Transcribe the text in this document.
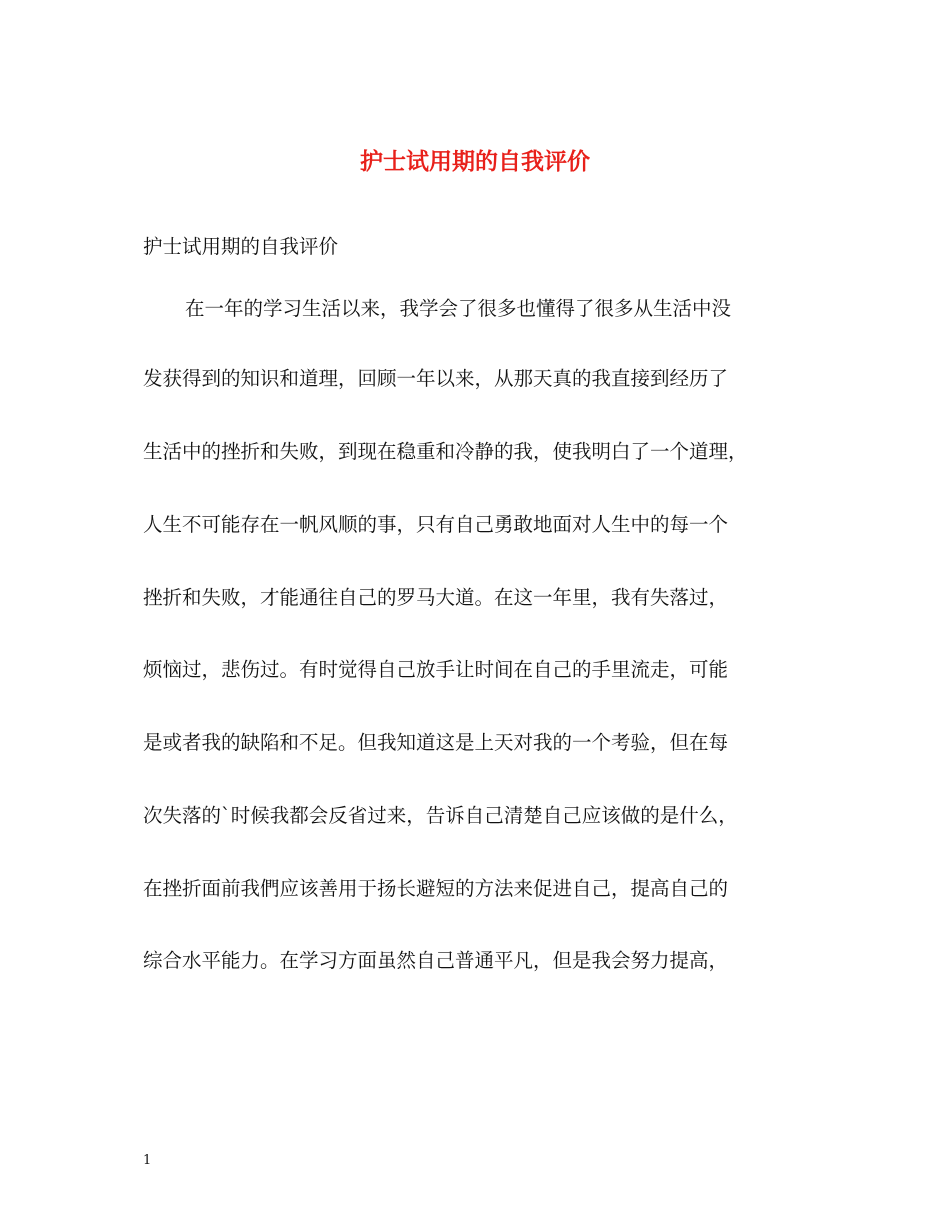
护士试用期的自我评价
护士试用期的自我评价
在一年的学习生活以来，我学会了很多也懂得了很多从生活中没
发获得到的知识和道理，回顾一年以来，从那天真的我直接到经历了
生活中的挫折和失败，到现在稳重和冷静的我，使我明白了一个道理，
人生不可能存在一帆风顺的事，只有自己勇敢地面对人生中的每一个
挫折和失败，才能通往自己的罗马大道。在这一年里，我有失落过，
烦恼过，悲伤过。有时觉得自己放手让时间在自己的手里流走，可能
是或者我的缺陷和不足。但我知道这是上天对我的一个考验，但在每
次失落的`时候我都会反省过来，告诉自己清楚自己应该做的是什么，
在挫折面前我們应该善用于扬长避短的方法来促进自己，提高自己的
综合水平能力。在学习方面虽然自己普通平凡，但是我会努力提高，
1
